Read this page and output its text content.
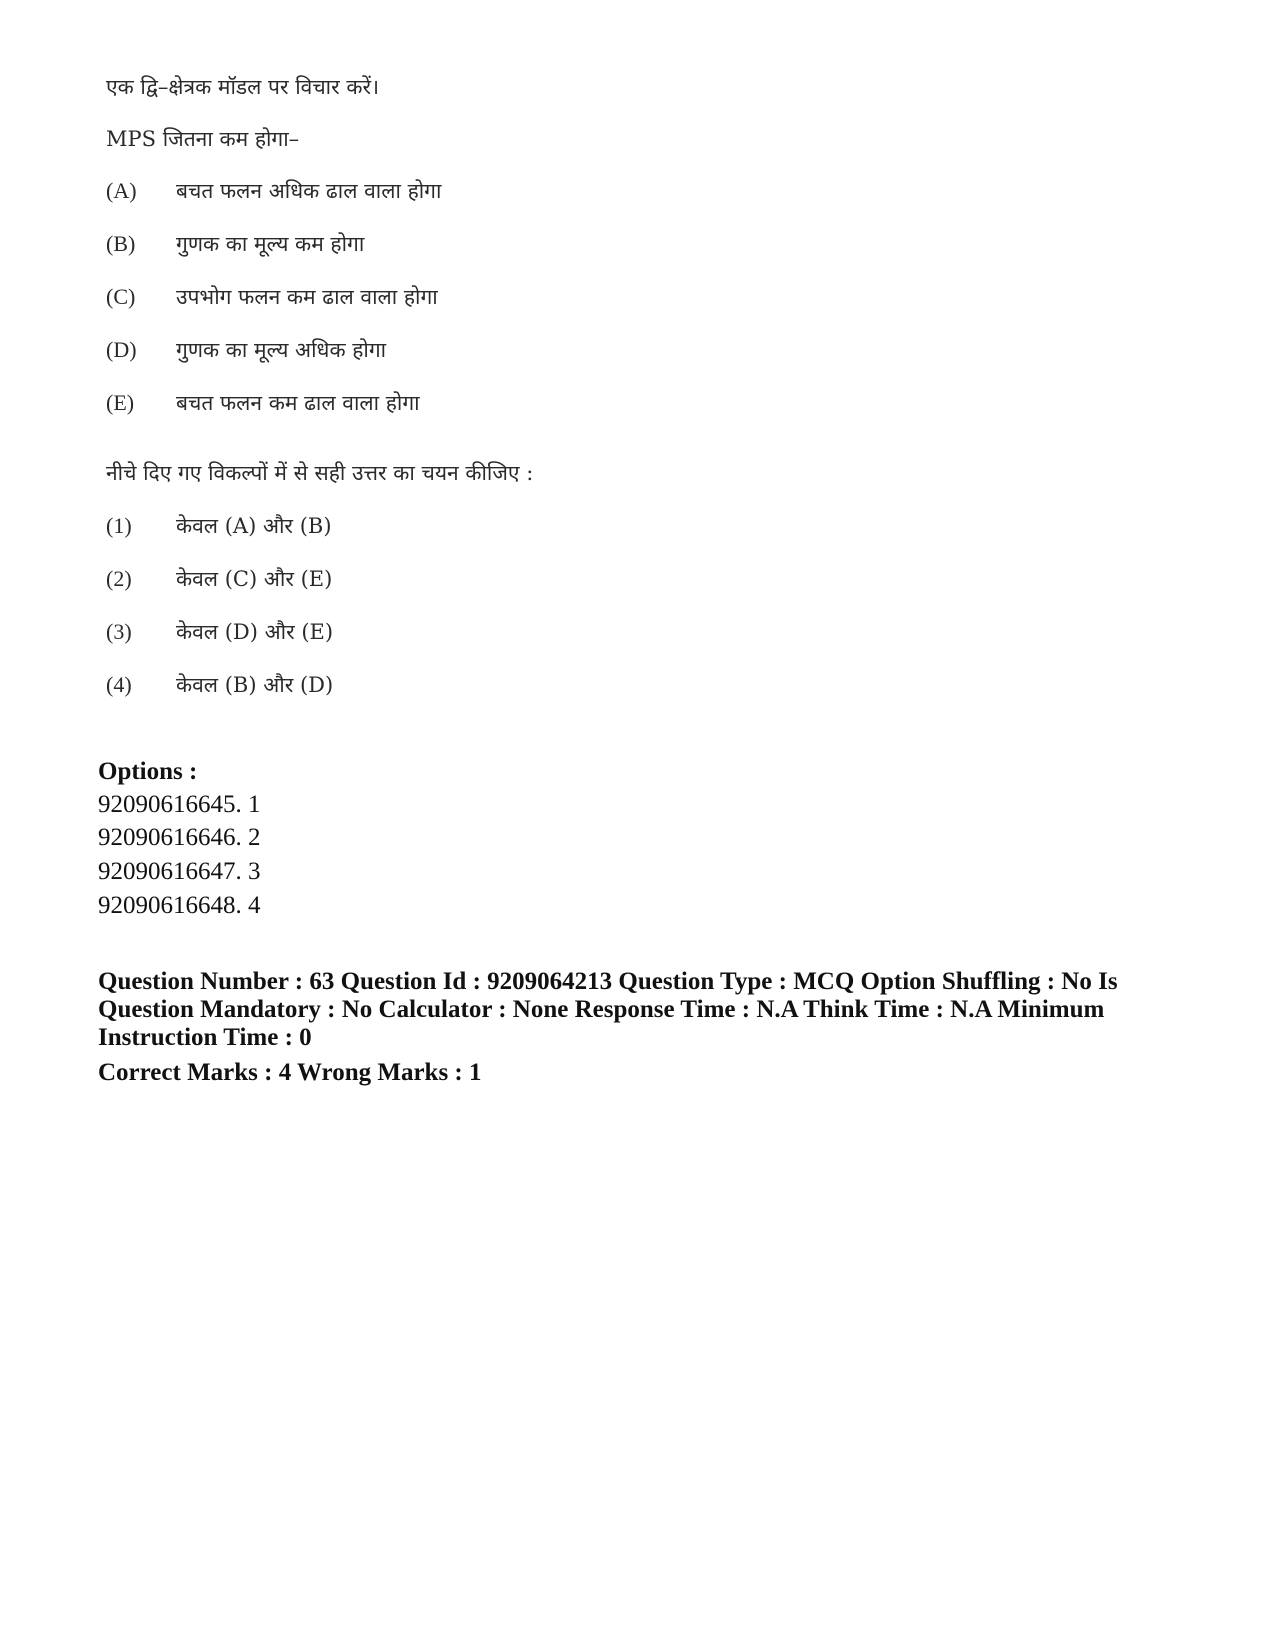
एक द्वि–क्षेत्रक मॉडल पर विचार करें।
MPS जितना कम होगा–
(A) बचत फलन अधिक ढाल वाला होगा
(B) गुणक का मूल्य कम होगा
(C) उपभोग फलन कम ढाल वाला होगा
(D) गुणक का मूल्य अधिक होगा
(E) बचत फलन कम ढाल वाला होगा
नीचे दिए गए विकल्पों में से सही उत्तर का चयन कीजिए :
(1) केवल (A) और (B)
(2) केवल (C) और (E)
(3) केवल (D) और (E)
(4) केवल (B) और (D)
Options :
92090616645. 1
92090616646. 2
92090616647. 3
92090616648. 4
Question Number : 63 Question Id : 9209064213 Question Type : MCQ Option Shuffling : No Is Question Mandatory : No Calculator : None Response Time : N.A Think Time : N.A Minimum Instruction Time : 0
Correct Marks : 4 Wrong Marks : 1
